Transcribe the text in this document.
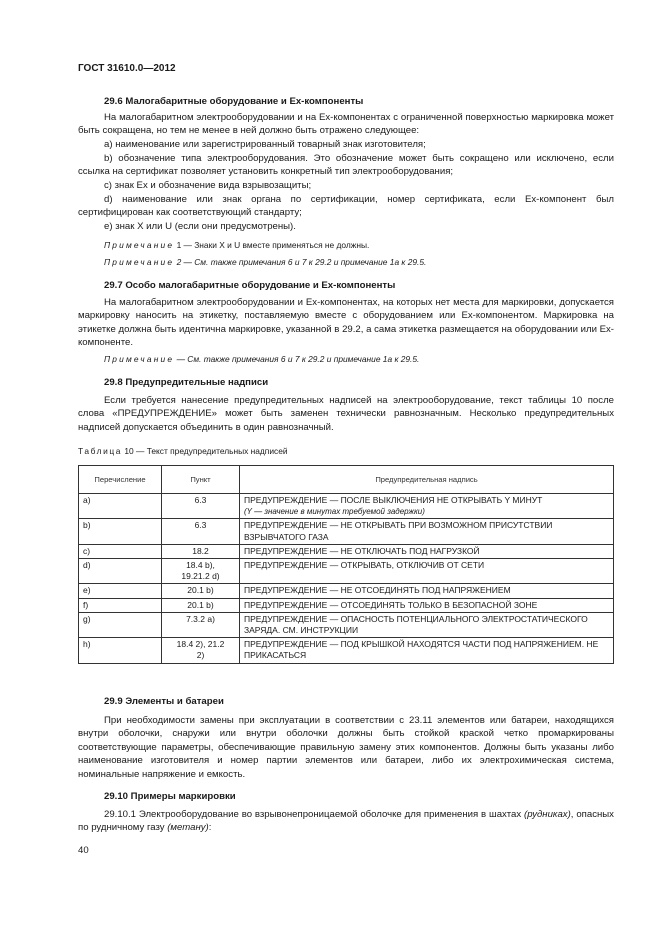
ГОСТ 31610.0—2012
29.6 Малогабаритные оборудование и Ex-компоненты
На малогабаритном электрооборудовании и на Ex-компонентах с ограниченной поверхностью маркировка может быть сокращена, но тем не менее в ней должно быть отражено следующее:
a) наименование или зарегистрированный товарный знак изготовителя;
b) обозначение типа электрооборудования. Это обозначение может быть сокращено или исключено, если ссылка на сертификат позволяет установить конкретный тип электрооборудования;
c) знак Ex и обозначение вида взрывозащиты;
d) наименование или знак органа по сертификации, номер сертификата, если Ex-компонент был сертифицирован как соответствующий стандарту;
e) знак X или U (если они предусмотрены).
Примечание 1 — Знаки X и U вместе применяться не должны.
Примечание 2 — См. также примечания 6 и 7 к 29.2 и примечание 1а к 29.5.
29.7 Особо малогабаритные оборудование и Ex-компоненты
На малогабаритном электрооборудовании и Ex-компонентах, на которых нет места для маркировки, допускается маркировку наносить на этикетку, поставляемую вместе с оборудованием или Ex-компонентом. Маркировка на этикетке должна быть идентична маркировке, указанной в 29.2, а сама этикетка размещается на оборудовании или Ex-компоненте.
Примечание — См. также примечания 6 и 7 к 29.2 и примечание 1а к 29.5.
29.8 Предупредительные надписи
Если требуется нанесение предупредительных надписей на электрооборудование, текст таблицы 10 после слова «ПРЕДУПРЕЖДЕНИЕ» может быть заменен технически равнозначным. Несколько предупредительных надписей допускается объединить в один равнозначный.
Таблица 10 — Текст предупредительных надписей
Перечисление	Пункт	Предупредительная надпись
a)	6.3	ПРЕДУПРЕЖДЕНИЕ — ПОСЛЕ ВЫКЛЮЧЕНИЯ НЕ ОТКРЫВАТЬ Y МИНУТ
(Y — значение в минутах требуемой задержки)

b)	6.3	ПРЕДУПРЕЖДЕНИЕ — НЕ ОТКРЫВАТЬ ПРИ ВОЗМОЖНОМ ПРИСУТСТВИИ ВЗРЫВЧАТОГО ГАЗА
c)	18.2	ПРЕДУПРЕЖДЕНИЕ — НЕ ОТКЛЮЧАТЬ ПОД НАГРУЗКОЙ
d)	18.4 b),
19.21.2 d)	ПРЕДУПРЕЖДЕНИЕ — ОТКРЫВАТЬ, ОТКЛЮЧИВ ОТ СЕТИ
e)	20.1 b)	ПРЕДУПРЕЖДЕНИЕ — НЕ ОТСОЕДИНЯТЬ ПОД НАПРЯЖЕНИЕМ
f)	20.1 b)	ПРЕДУПРЕЖДЕНИЕ — ОТСОЕДИНЯТЬ ТОЛЬКО В БЕЗОПАСНОЙ ЗОНЕ
g)	7.3.2 а)	ПРЕДУПРЕЖДЕНИЕ — ОПАСНОСТЬ ПОТЕНЦИАЛЬНОГО ЭЛЕКТРОСТАТИЧЕСКОГО ЗАРЯДА. СМ. ИНСТРУКЦИИ
h)	18.4 2), 21.2
2)	ПРЕДУПРЕЖДЕНИЕ — ПОД КРЫШКОЙ НАХОДЯТСЯ ЧАСТИ ПОД НАПРЯЖЕНИЕМ. НЕ ПРИКАСАТЬСЯ
29.9 Элементы и батареи
При необходимости замены при эксплуатации в соответствии с 23.11 элементов или батареи, находящихся внутри оболочки, снаружи или внутри оболочки должны быть стойкой краской четко промаркированы соответствующие параметры, обеспечивающие правильную замену этих компонентов. Должны быть указаны либо наименование изготовителя и номер партии элементов или батареи, либо их электрохимическая система, номинальные напряжение и емкость.
29.10 Примеры маркировки
29.10.1 Электрооборудование во взрывонепроницаемой оболочке для применения в шахтах (рудниках), опасных по рудничному газу (метану):
40
